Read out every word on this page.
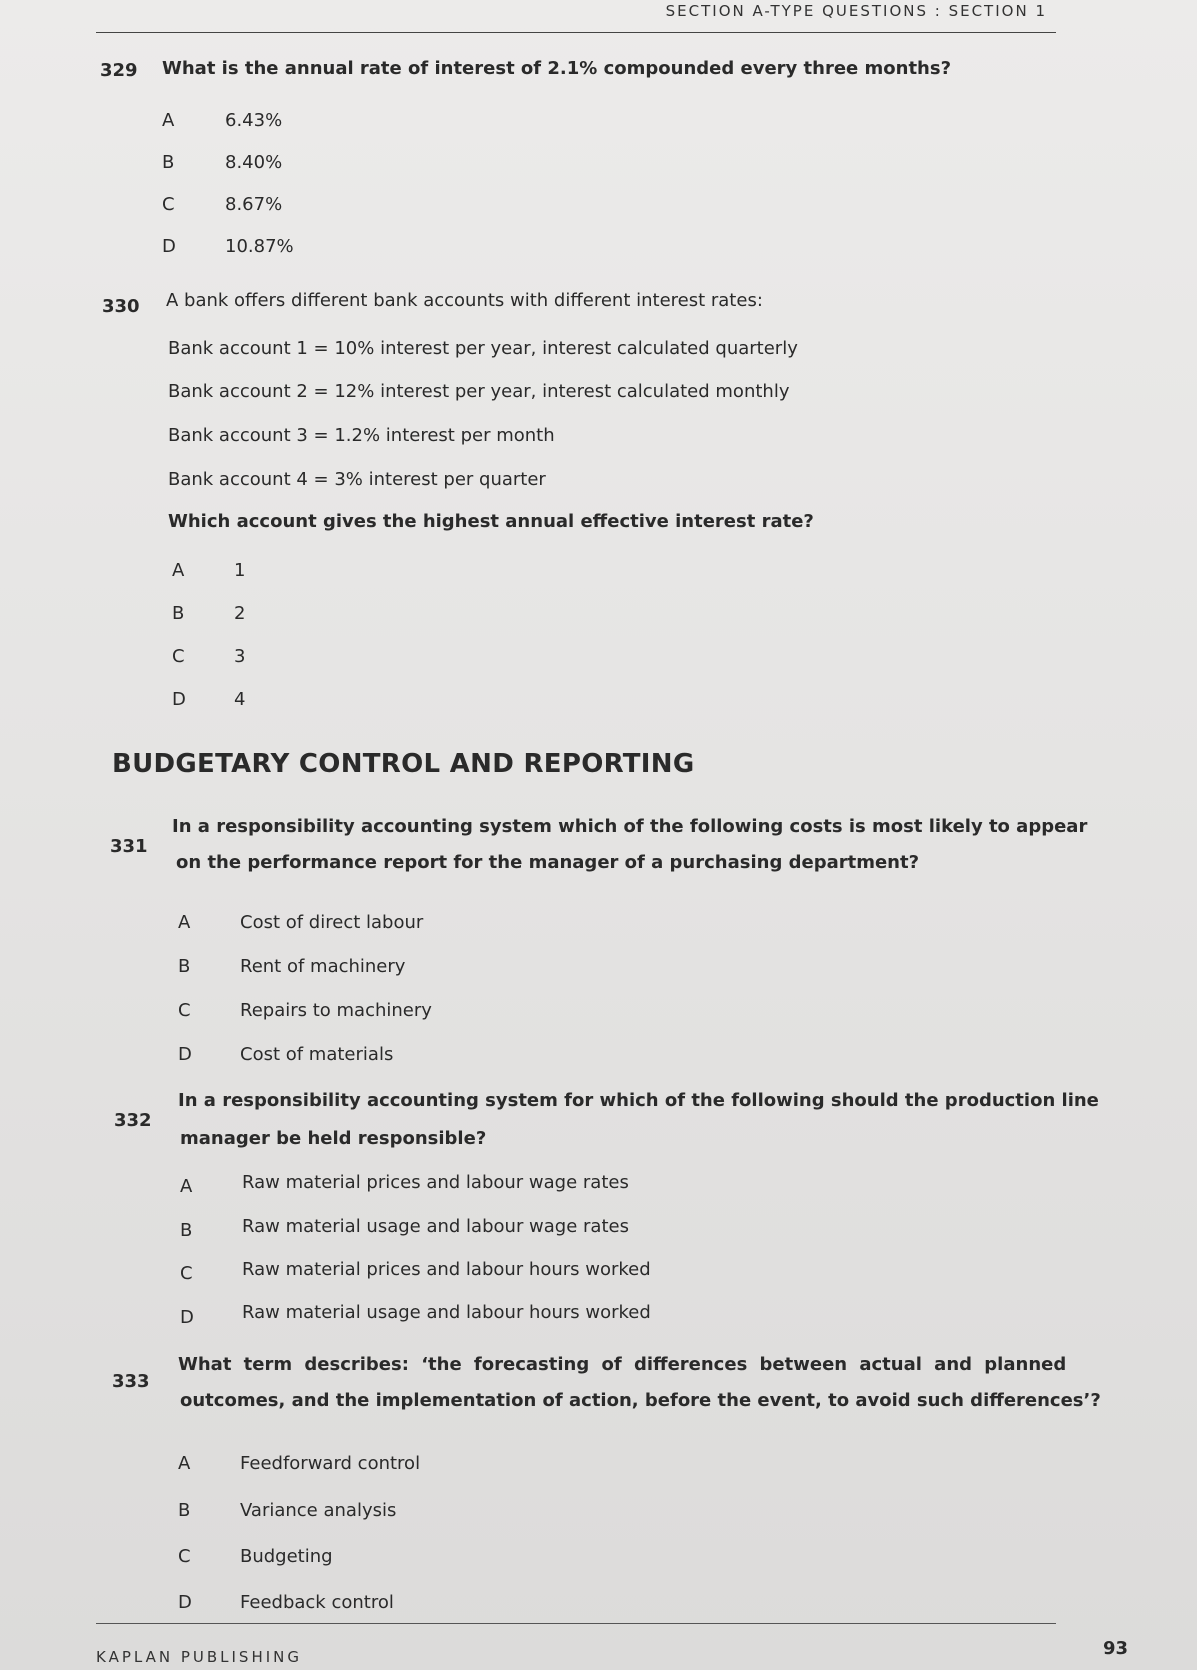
SECTION A-TYPE QUESTIONS : SECTION 1
329 What is the annual rate of interest of 2.1% compounded every three months?
A	6.43%
B	8.40%
C	8.67%
D	10.87%
330 A bank offers different bank accounts with different interest rates:
Bank account 1 = 10% interest per year, interest calculated quarterly
Bank account 2 = 12% interest per year, interest calculated monthly
Bank account 3 = 1.2% interest per month
Bank account 4 = 3% interest per quarter
Which account gives the highest annual effective interest rate?
A	1
B	2
C	3
D	4
BUDGETARY CONTROL AND REPORTING
331
In a responsibility accounting system which of the following costs is most likely to appear
on the performance report for the manager of a purchasing department?
A	Cost of direct labour
B	Rent of machinery
C	Repairs to machinery
D	Cost of materials
332
In a responsibility accounting system for which of the following should the production line
manager be held responsible?
A	Raw material prices and labour wage rates
B	Raw material usage and labour wage rates
C	Raw material prices and labour hours worked
D	Raw material usage and labour hours worked
333
What term describes: ‘the forecasting of differences between actual and planned
outcomes, and the implementation of action, before the event, to avoid such differences’?
A	Feedforward control
B	Variance analysis
C	Budgeting
D	Feedback control
KAPLAN PUBLISHING	93
